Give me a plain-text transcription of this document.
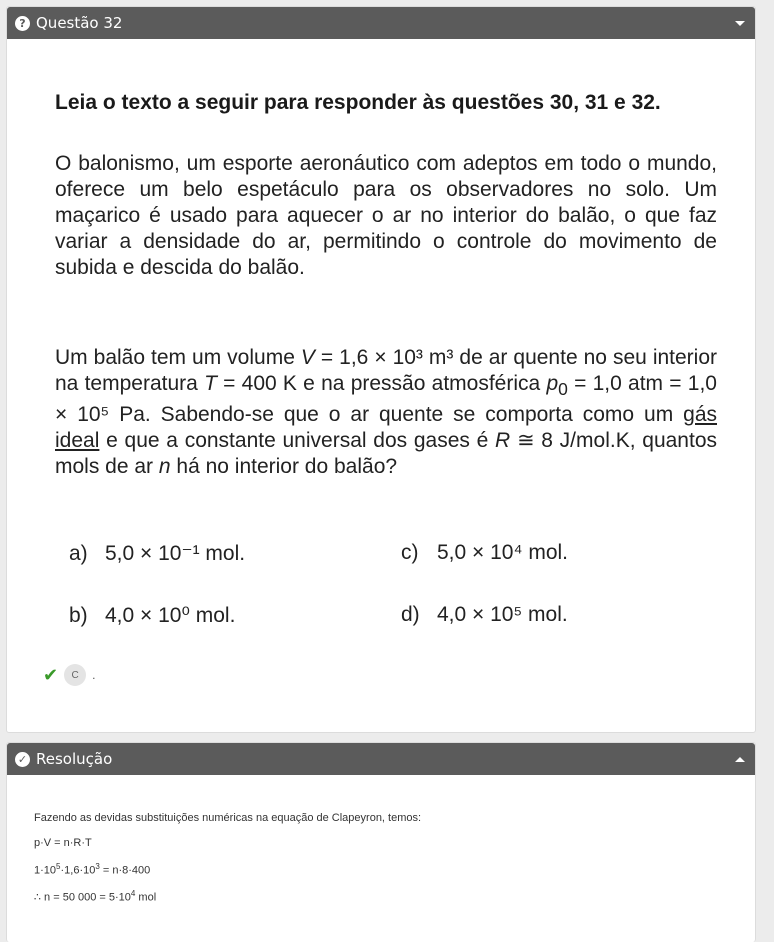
? Questão 32
Leia o texto a seguir para responder às questões 30, 31 e 32.
O balonismo, um esporte aeronáutico com adeptos em todo o mundo, oferece um belo espetáculo para os observadores no solo. Um maçarico é usado para aquecer o ar no interior do balão, o que faz variar a densidade do ar, permitindo o controle do movimento de subida e descida do balão.
Um balão tem um volume V = 1,6 × 10³ m³ de ar quente no seu interior na temperatura T = 400 K e na pressão atmosférica $p_0 = 1,0$ atm = 1,0 × 10⁵ Pa. Sabendo-se que o ar quente se comporta como um gás ideal e que a constante universal dos gases é R ≅ 8 J/mol.K, quantos mols de ar n há no interior do balão?
a) 5,0 × 10⁻¹ mol.	c) 5,0 × 10⁴ mol.
b) 4,0 × 10⁰ mol.	d) 4,0 × 10⁵ mol.
✔	C	.
✓ Resolução
Fazendo as devidas substituições numéricas na equação de Clapeyron, temos:
p·V = n·R·T
$1\cdot 10^5\cdot 1,6\cdot 10^3 = n\cdot 8\cdot 400$
∴ n = 50 $000 = 5\cdot 10^4$ mol
